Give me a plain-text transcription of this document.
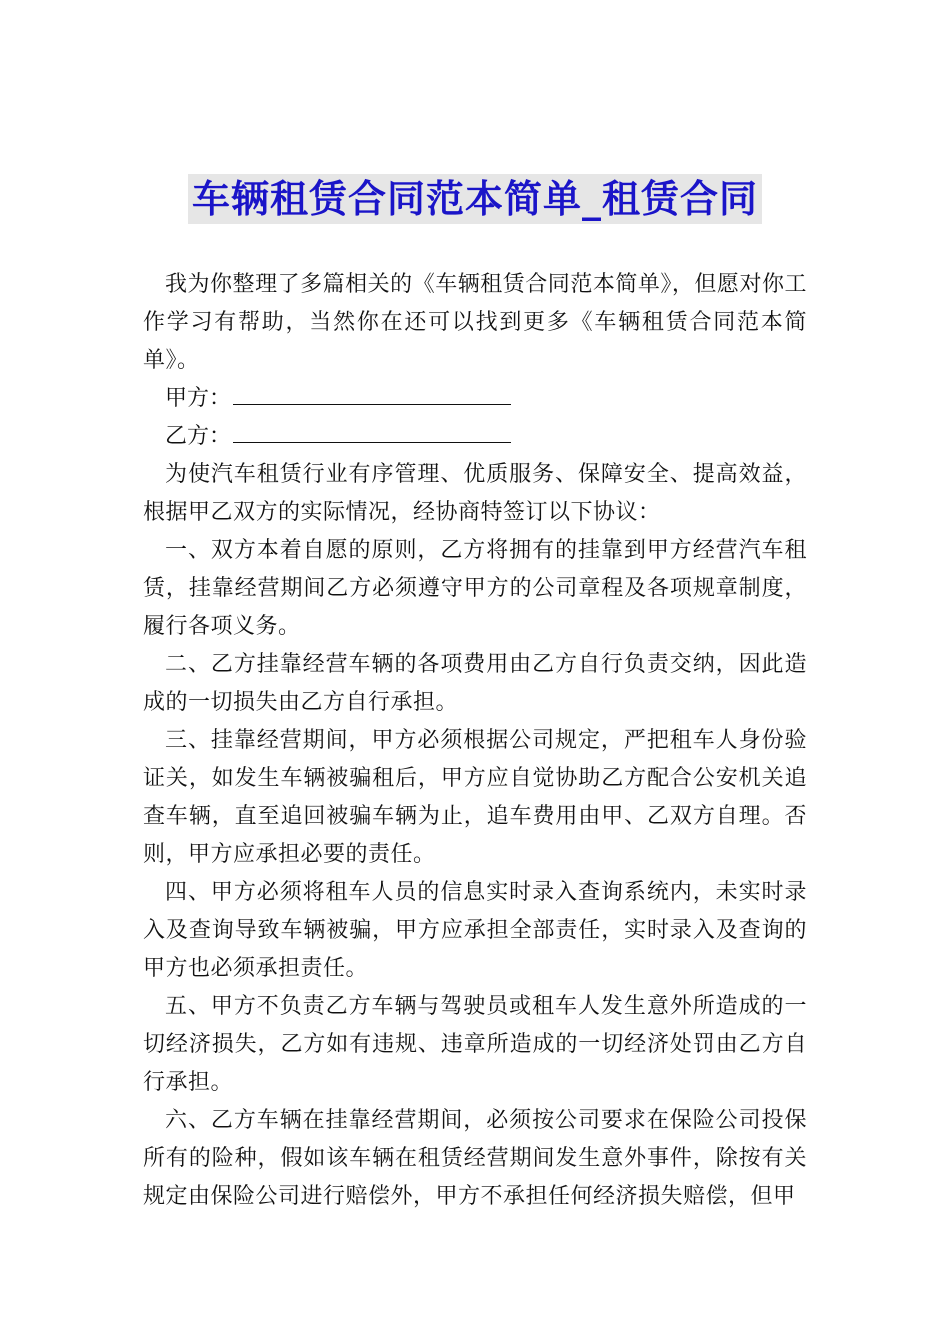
车辆租赁合同范本简单_租赁合同

我为你整理了多篇相关的《车辆租赁合同范本简单》，但愿对你工作学习有帮助，当然你在还可以找到更多《车辆租赁合同范本简单》。

甲方：

乙方：

为使汽车租赁行业有序管理、优质服务、保障安全、提高效益，根据甲乙双方的实际情况，经协商特签订以下协议：

一、双方本着自愿的原则，乙方将拥有的挂靠到甲方经营汽车租赁，挂靠经营期间乙方必须遵守甲方的公司章程及各项规章制度，履行各项义务。

二、乙方挂靠经营车辆的各项费用由乙方自行负责交纳，因此造成的一切损失由乙方自行承担。

三、挂靠经营期间，甲方必须根据公司规定，严把租车人身份验证关，如发生车辆被骗租后，甲方应自觉协助乙方配合公安机关追查车辆，直至追回被骗车辆为止，追车费用由甲、乙双方自理。否则，甲方应承担必要的责任。

四、甲方必须将租车人员的信息实时录入查询系统内，未实时录入及查询导致车辆被骗，甲方应承担全部责任，实时录入及查询的甲方也必须承担责任。

五、甲方不负责乙方车辆与驾驶员或租车人发生意外所造成的一切经济损失，乙方如有违规、违章所造成的一切经济处罚由乙方自行承担。

六、乙方车辆在挂靠经营期间，必须按公司要求在保险公司投保所有的险种，假如该车辆在租赁经营期间发生意外事件，除按有关规定由保险公司进行赔偿外，甲方不承担任何经济损失赔偿，但甲
